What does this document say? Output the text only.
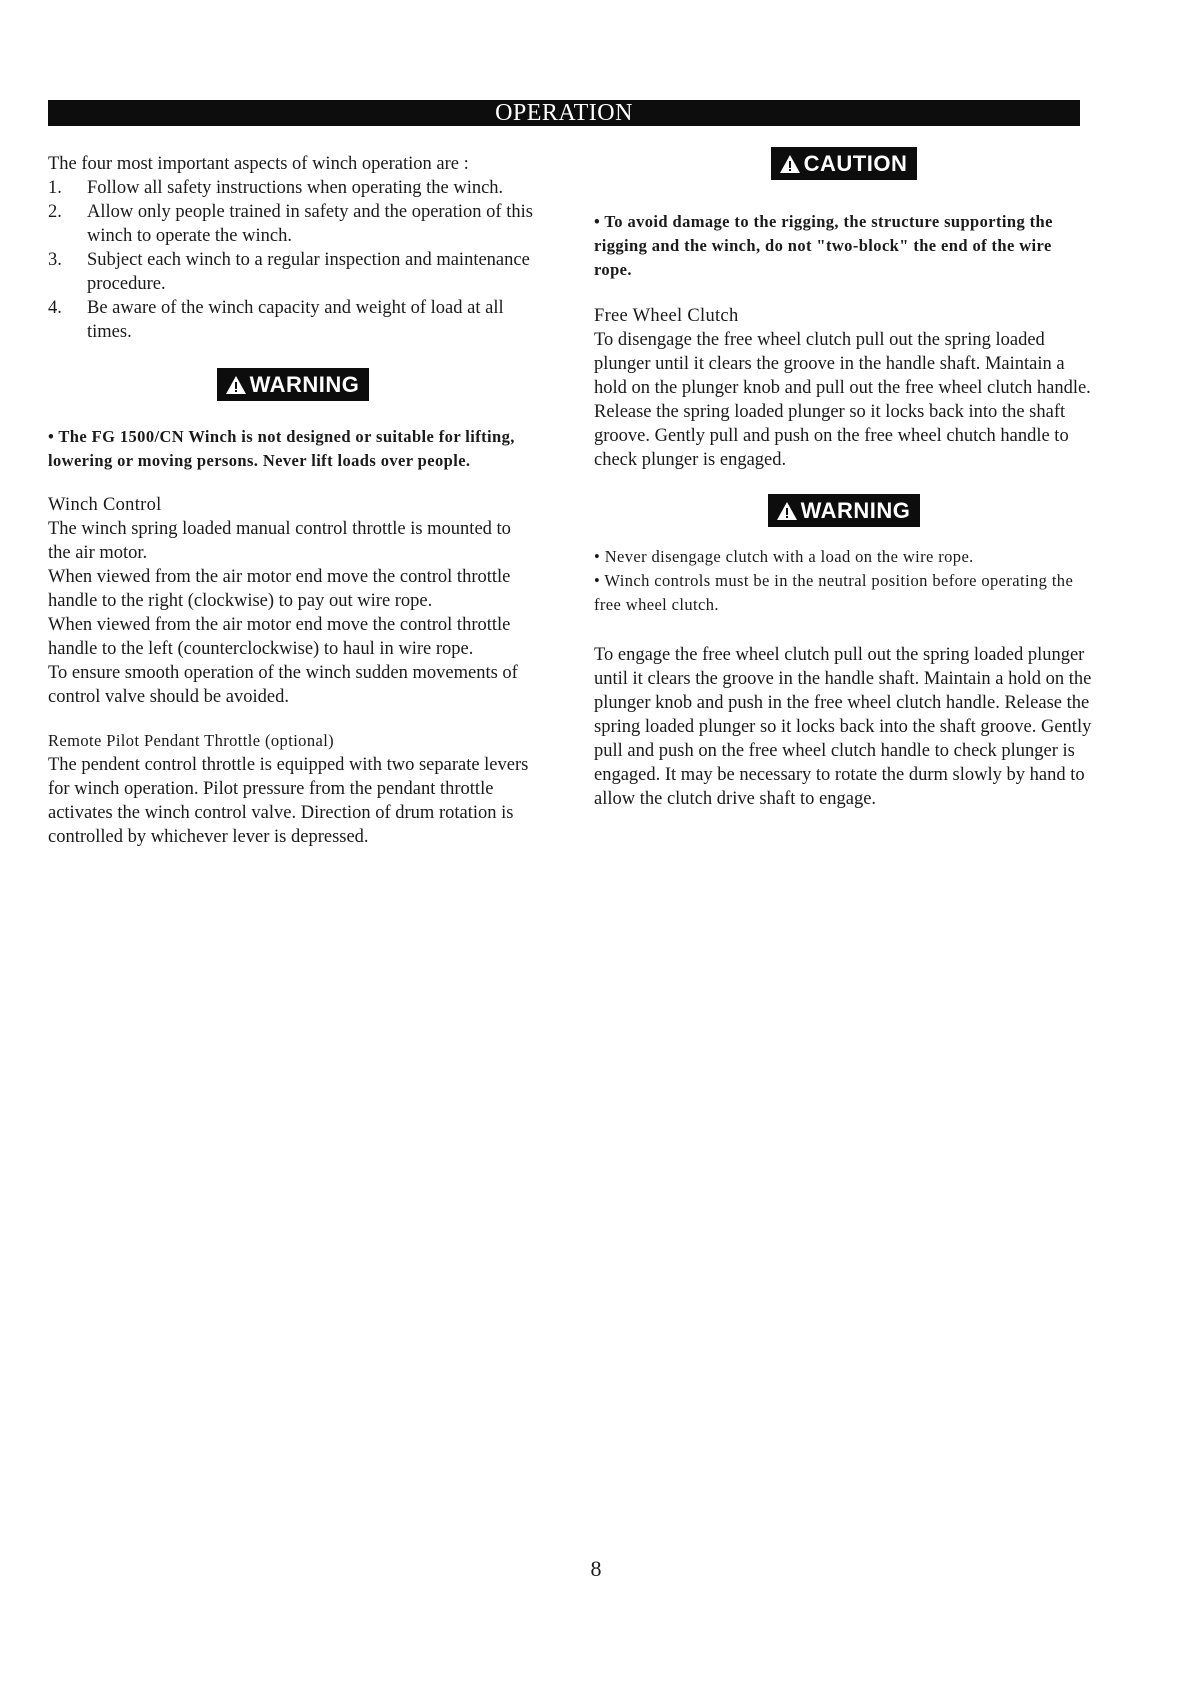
OPERATION

The four most important aspects of winch operation are :

1. Follow all safety instructions when operating the winch.
2. Allow only people trained in safety and the operation of this winch to operate the winch.
3. Subject each winch to a regular inspection and maintenance procedure.
4. Be aware of the winch capacity and weight of load at all times.
WARNING

• The FG 1500/CN Winch is not designed or suitable for lifting, lowering or moving persons. Never lift loads over people.

Winch Control

The winch spring loaded manual control throttle is mounted to the air motor.

When viewed from the air motor end move the control throttle handle to the right (clockwise) to pay out wire rope.

When viewed from the air motor end move the control throttle handle to the left (counterclockwise) to haul in wire rope.

To ensure smooth operation of the winch sudden movements of control valve should be avoided.

Remote Pilot Pendant Throttle (optional)

The pendent control throttle is equipped with two separate levers for winch operation. Pilot pressure from the pendant throttle activates the winch control valve. Direction of drum rotation is controlled by whichever lever is depressed.

CAUTION

• To avoid damage to the rigging, the structure supporting the rigging and the winch, do not "two-block" the end of the wire rope.

Free Wheel Clutch

To disengage the free wheel clutch pull out the spring loaded plunger until it clears the groove in the handle shaft. Maintain a hold on the plunger knob and pull out the free wheel clutch handle. Release the spring loaded plunger so it locks back into the shaft groove. Gently pull and push on the free wheel chutch handle to check plunger is engaged.

WARNING

• Never disengage clutch with a load on the wire rope.

• Winch controls must be in the neutral position before operating the free wheel clutch.

To engage the free wheel clutch pull out the spring loaded plunger until it clears the groove in the handle shaft. Maintain a hold on the plunger knob and push in the free wheel clutch handle. Release the spring loaded plunger so it locks back into the shaft groove. Gently pull and push on the free wheel clutch handle to check plunger is engaged. It may be necessary to rotate the durm slowly by hand to allow the clutch drive shaft to engage.

8
